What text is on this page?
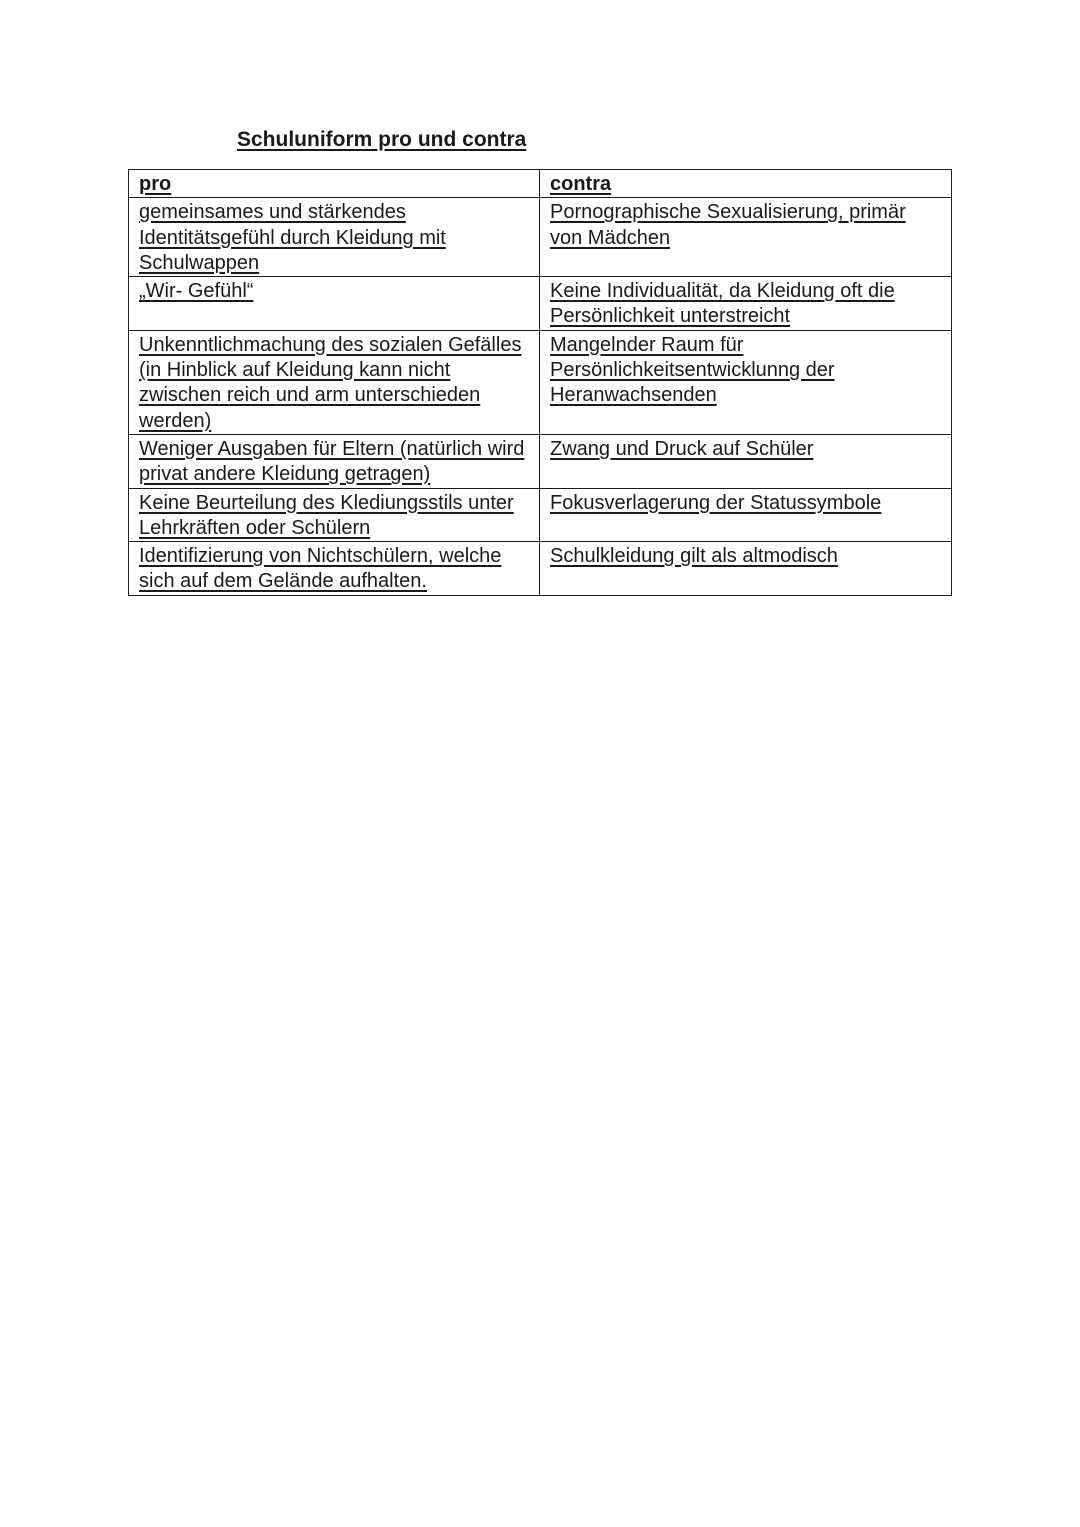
Schuluniform pro und contra
pro	contra
gemeinsames und stärkendes Identitätsgefühl durch Kleidung mit Schulwappen	Pornographische Sexualisierung, primär von Mädchen
„Wir- Gefühl“	Keine Individualität, da Kleidung oft die Persönlichkeit unterstreicht
Unkenntlichmachung des sozialen Gefälles (in Hinblick auf Kleidung kann nicht zwischen reich und arm unterschieden werden)	Mangelnder Raum für Persönlichkeitsentwicklunng der Heranwachsenden
Weniger Ausgaben für Eltern (natürlich wird privat andere Kleidung getragen)	Zwang und Druck auf Schüler
Keine Beurteilung des Klediungsstils unter Lehrkräften oder Schülern	Fokusverlagerung der Statussymbole
Identifizierung von Nichtschülern, welche sich auf dem Gelände aufhalten.	Schulkleidung gilt als altmodisch
